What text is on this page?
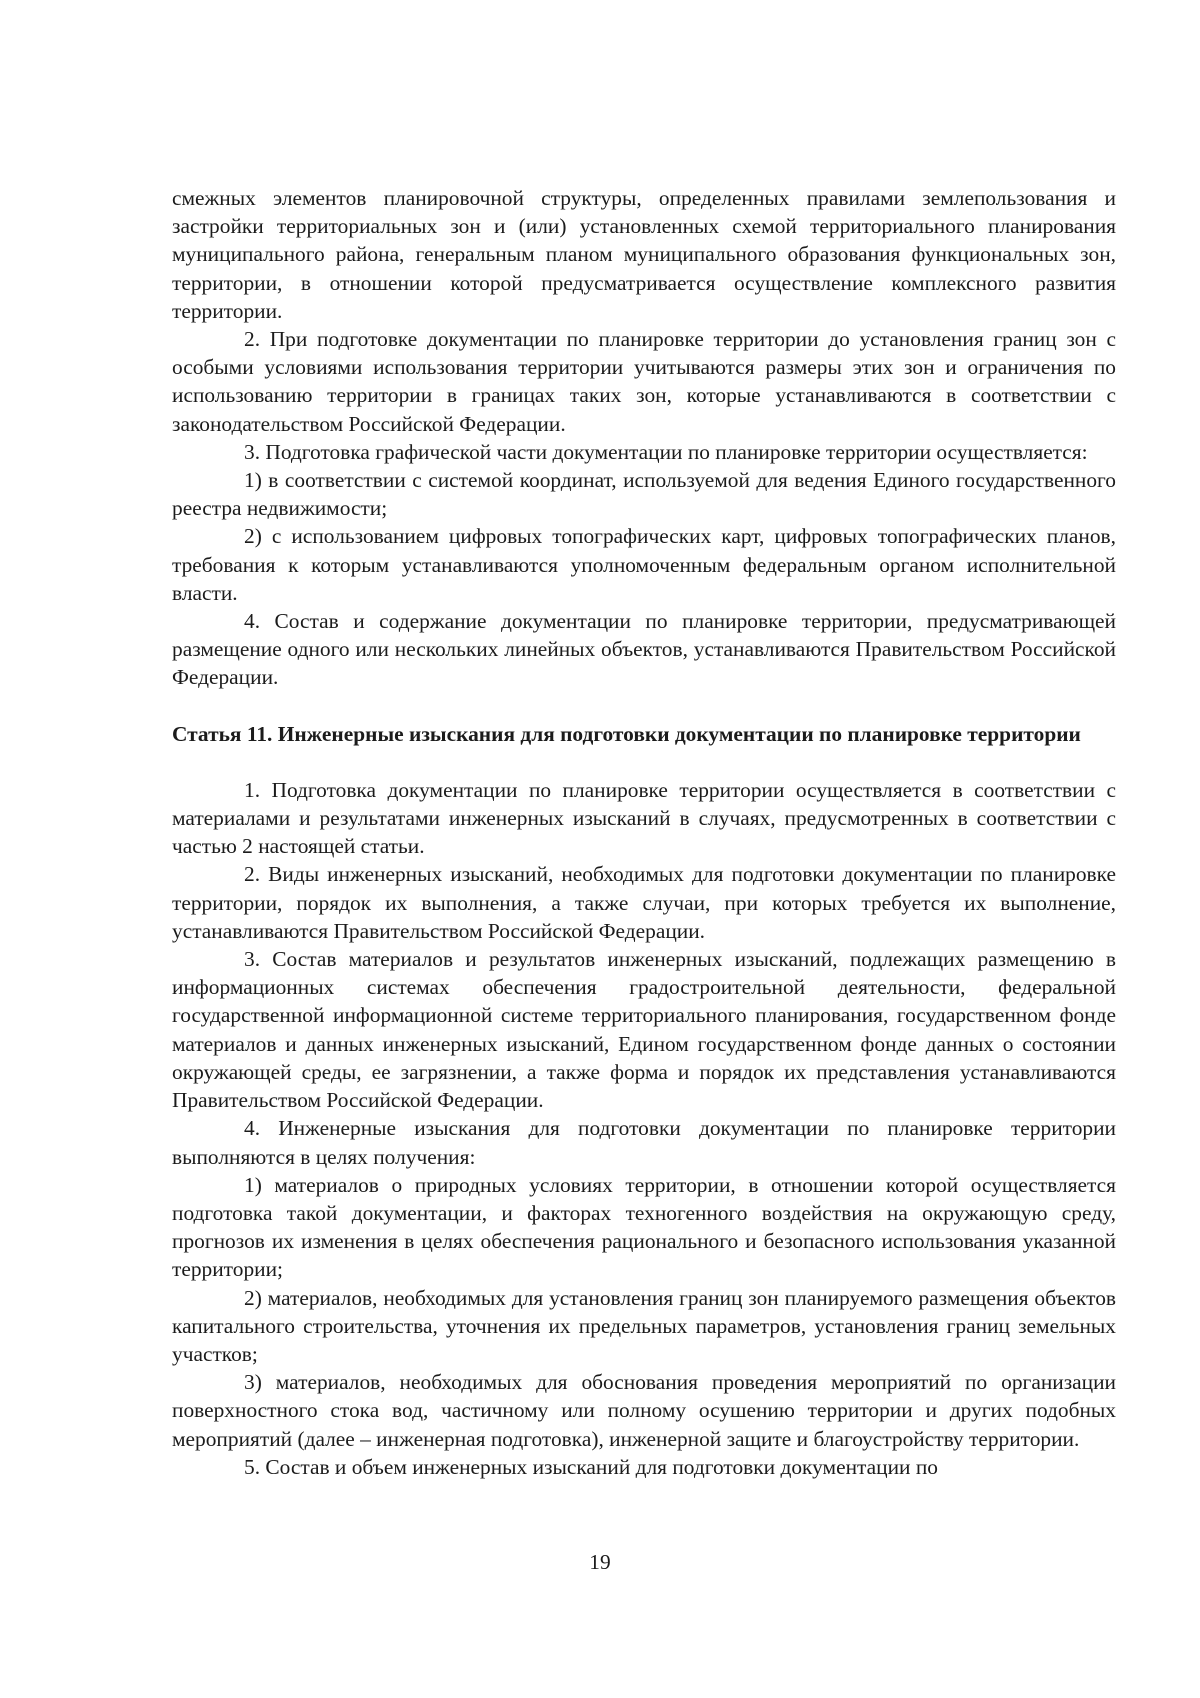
смежных элементов планировочной структуры, определенных правилами землепользования и застройки территориальных зон и (или) установленных схемой территориального планирования муниципального района, генеральным планом муниципального образования функциональных зон, территории, в отношении которой предусматривается осуществление комплексного развития территории.

2. При подготовке документации по планировке территории до установления границ зон с особыми условиями использования территории учитываются размеры этих зон и ограничения по использованию территории в границах таких зон, которые устанавливаются в соответствии с законодательством Российской Федерации.

3. Подготовка графической части документации по планировке территории осуществляется:

1) в соответствии с системой координат, используемой для ведения Единого государственного реестра недвижимости;

2) с использованием цифровых топографических карт, цифровых топографических планов, требования к которым устанавливаются уполномоченным федеральным органом исполнительной власти.

4. Состав и содержание документации по планировке территории, предусматривающей размещение одного или нескольких линейных объектов, устанавливаются Правительством Российской Федерации.

Статья 11. Инженерные изыскания для подготовки документации по планировке территории

1. Подготовка документации по планировке территории осуществляется в соответствии с материалами и результатами инженерных изысканий в случаях, предусмотренных в соответствии с частью 2 настоящей статьи.

2. Виды инженерных изысканий, необходимых для подготовки документации по планировке территории, порядок их выполнения, а также случаи, при которых требуется их выполнение, устанавливаются Правительством Российской Федерации.

3. Состав материалов и результатов инженерных изысканий, подлежащих размещению в информационных системах обеспечения градостроительной деятельности, федеральной государственной информационной системе территориального планирования, государственном фонде материалов и данных инженерных изысканий, Едином государственном фонде данных о состоянии окружающей среды, ее загрязнении, а также форма и порядок их представления устанавливаются Правительством Российской Федерации.

4. Инженерные изыскания для подготовки документации по планировке территории выполняются в целях получения:

1) материалов о природных условиях территории, в отношении которой осуществляется подготовка такой документации, и факторах техногенного воздействия на окружающую среду, прогнозов их изменения в целях обеспечения рационального и безопасного использования указанной территории;

2) материалов, необходимых для установления границ зон планируемого размещения объектов капитального строительства, уточнения их предельных параметров, установления границ земельных участков;

3) материалов, необходимых для обоснования проведения мероприятий по организации поверхностного стока вод, частичному или полному осушению территории и других подобных мероприятий (далее – инженерная подготовка), инженерной защите и благоустройству территории.

5. Состав и объем инженерных изысканий для подготовки документации по

19
